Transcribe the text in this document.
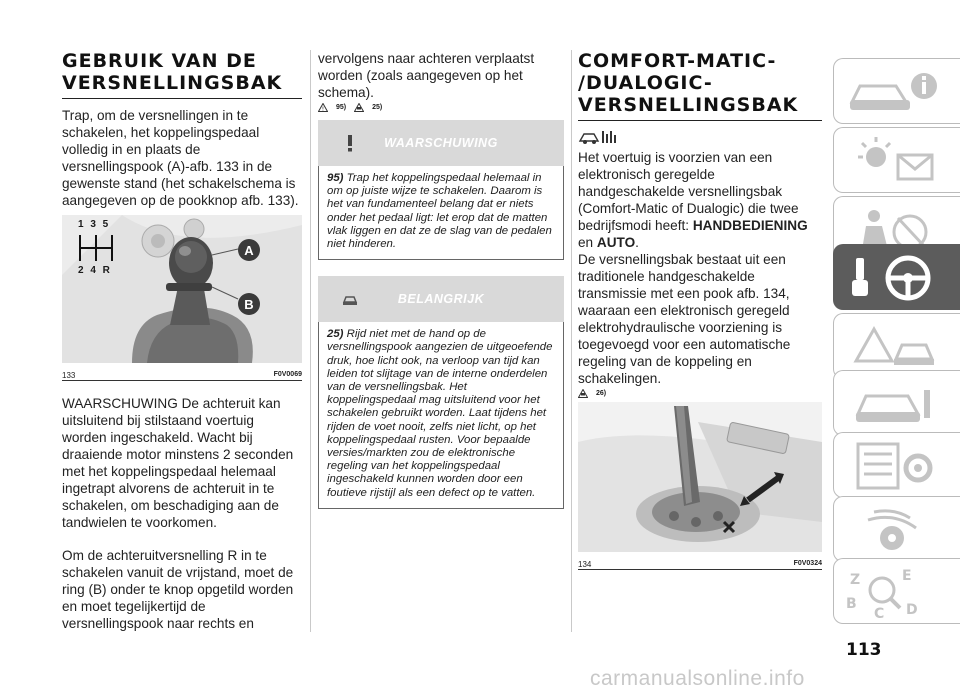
GEBRUIK VAN DE VERSNELLINGSBAK

Trap, om de versnellingen in te schakelen, het koppelingspedaal volledig in en plaats de versnellingspook (A)-afb. 133 in de gewenste stand (het schakelschema is aangegeven op de pookknop afb. 133).

1 3 5
2 4 R
A
B
133	F0V0069

WAARSCHUWING De achteruit kan uitsluitend bij stilstaand voertuig worden ingeschakeld. Wacht bij draaiende motor minstens 2 seconden met het koppelingspedaal helemaal ingetrapt alvorens de achteruit in te schakelen, om beschadiging aan de tandwielen te voorkomen.

Om de achteruitversnelling R in te schakelen vanuit de vrijstand, moet de ring (B) onder te knop opgetild worden en moet tegelijkertijd de versnellingspook naar rechts en

vervolgens naar achteren verplaatst worden (zoals aangegeven op het schema).

! 95)	25)
WAARSCHUWING
95) Trap het koppelingspedaal helemaal in om op juiste wijze te schakelen. Daarom is het van fundamenteel belang dat er niets onder het pedaal ligt: let erop dat de matten vlak liggen en dat ze de slag van de pedalen niet hinderen.
BELANGRIJK
25) Rijd niet met de hand op de versnellingspook aangezien de uitgeoefende druk, hoe licht ook, na verloop van tijd kan leiden tot slijtage van de interne onderdelen van de versnellingsbak. Het koppelingspedaal mag uitsluitend voor het schakelen gebruikt worden. Laat tijdens het rijden de voet nooit, zelfs niet licht, op het koppelingspedaal rusten. Voor bepaalde versies/markten zou de elektronische regeling van het koppelingspedaal ingeschakeld kunnen worden door een foutieve rijstijl als een defect op te vatten.
COMFORT-MATIC- /DUALOGIC- VERSNELLINGSBAK

Het voertuig is voorzien van een elektronisch geregelde handgeschakelde versnellingsbak (Comfort-Matic of Dualogic) die twee bedrijfsmodi heeft: HANDBEDIENING en AUTO.

De versnellingsbak bestaat uit een traditionele handgeschakelde transmissie met een pook afb. 134, waaraan een elektronisch geregeld elektrohydraulische voorziening is toegevoegd voor een automatische regeling van de koppeling en schakelingen.

26)
134	F0V0324
Z	E
B
C D
113
carmanualsonline.info
